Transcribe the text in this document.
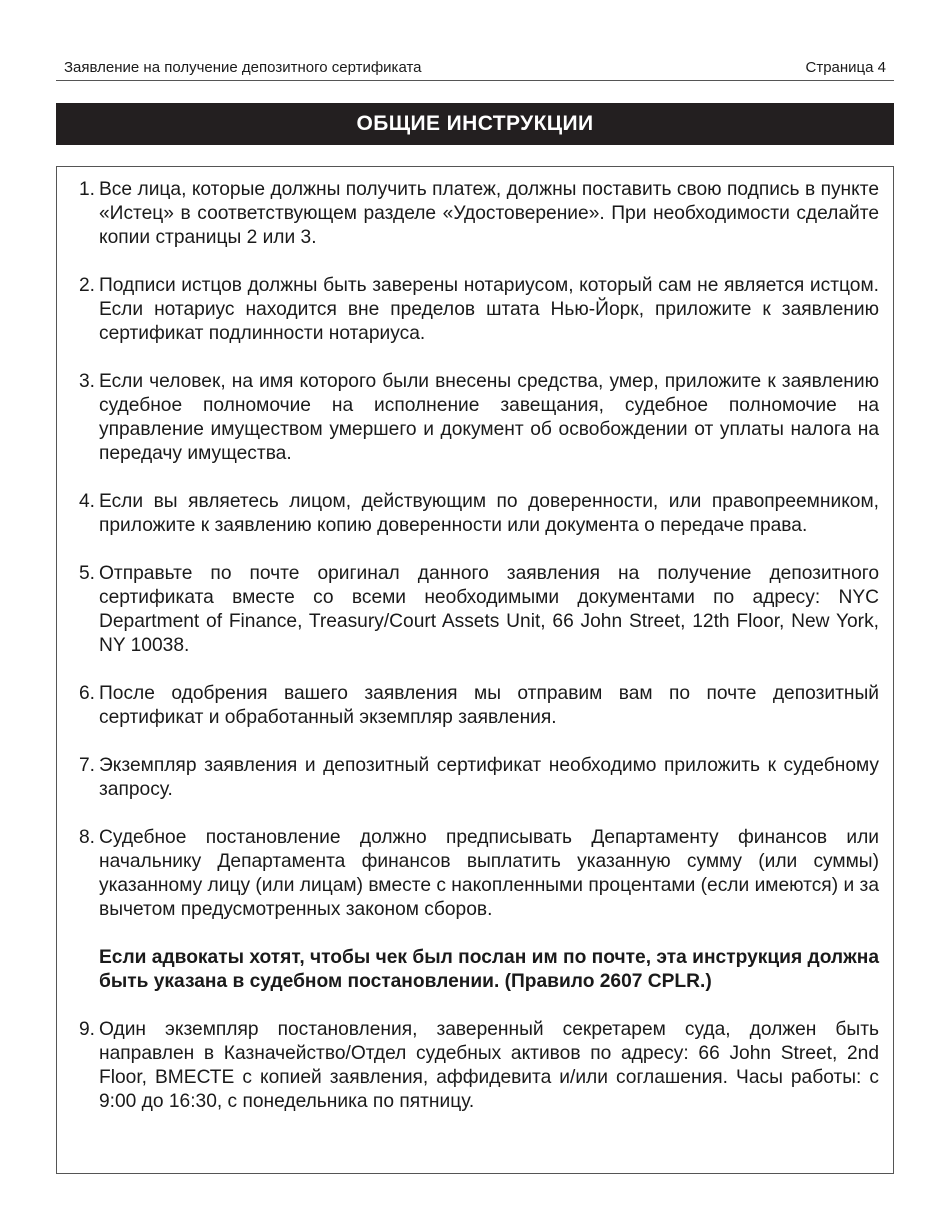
Заявление на получение депозитного сертификата	Страница 4
ОБЩИЕ ИНСТРУКЦИИ
1. Все лица, которые должны получить платеж, должны поставить свою подпись в пункте «Истец» в соответствующем разделе «Удостоверение». При необходимости сделайте копии страницы 2 или 3.

2. Подписи истцов должны быть заверены нотариусом, который сам не является истцом. Если нотариус находится вне пределов штата Нью-Йорк, приложите к заявлению сертификат подлинности нотариуса.

3. Если человек, на имя которого были внесены средства, умер, приложите к заявлению судебное полномочие на исполнение завещания, судебное полномочие на управление имуществом умершего и документ об освобождении от уплаты налога на передачу имущества.

4. Если вы являетесь лицом, действующим по доверенности, или правопреемником, приложите к заявлению копию доверенности или документа о передаче права.

5. Отправьте по почте оригинал данного заявления на получение депозитного сертификата вместе со всеми необходимыми документами по адресу: NYC Department of Finance, Treasury/Court Assets Unit, 66 John Street, 12th Floor, New York, NY 10038.

6. После одобрения вашего заявления мы отправим вам по почте депозитный сертификат и обработанный экземпляр заявления.

7. Экземпляр заявления и депозитный сертификат необходимо приложить к судебному запросу.

8. Судебное постановление должно предписывать Департаменту финансов или начальнику Департамента финансов выплатить указанную сумму (или суммы) указанному лицу (или лицам) вместе с накопленными процентами (если имеются) и за вычетом предусмотренных законом сборов.

Если адвокаты хотят, чтобы чек был послан им по почте, эта инструкция должна быть указана в судебном постановлении. (Правило 2607 CPLR.)

9. Один экземпляр постановления, заверенный секретарем суда, должен быть направлен в Казначейство/Отдел судебных активов по адресу: 66 John Street, 2nd Floor, ВМЕСТЕ с копией заявления, аффидевита и/или соглашения. Часы работы: с 9:00 до 16:30, с понедельника по пятницу.
